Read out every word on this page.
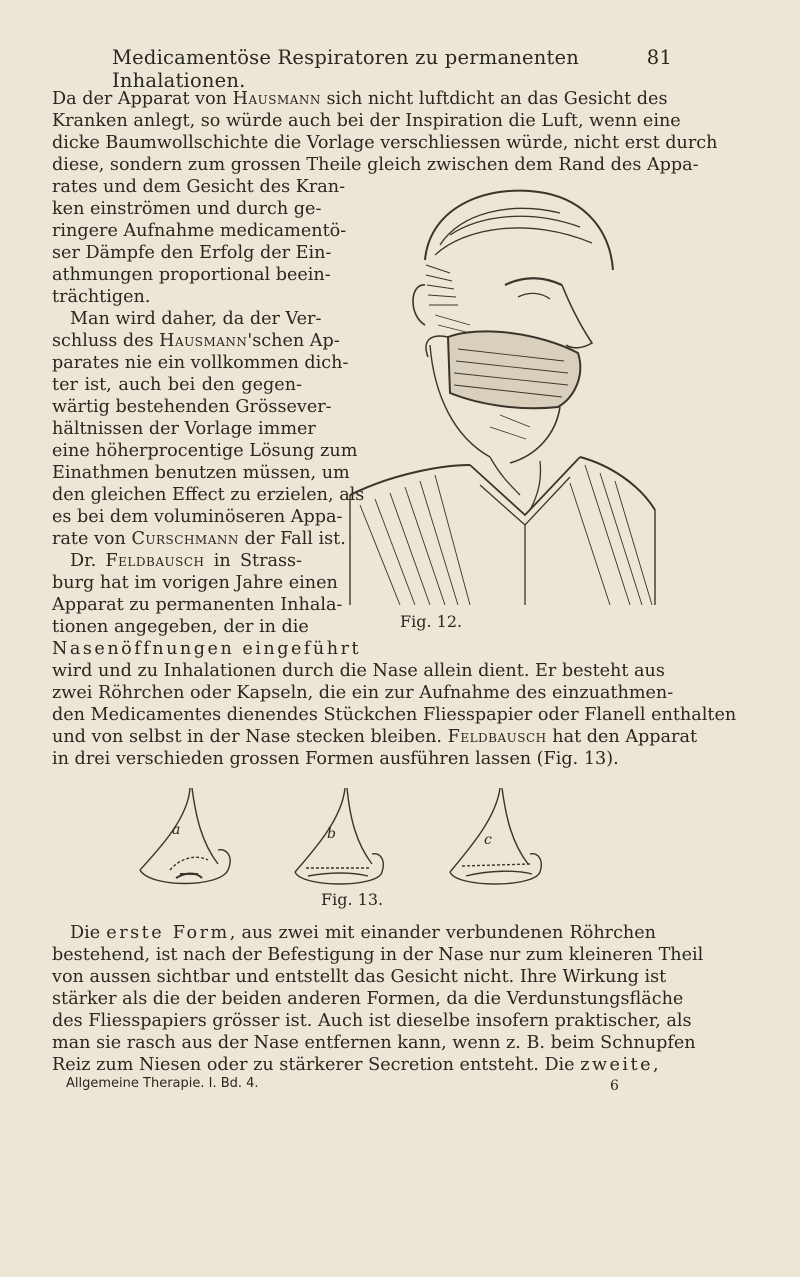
Medicamentöse Respiratoren zu permanenten Inhalationen.
81
Da der Apparat von Hausmann sich nicht luftdicht an das Gesicht des
Kranken anlegt, so würde auch bei der Inspiration die Luft, wenn eine
dicke Baumwollschichte die Vorlage verschliessen würde, nicht erst durch
diese, sondern zum grossen Theile gleich zwischen dem Rand des Appa-
rates und dem Gesicht des Kran-
ken einströmen und durch ge-
ringere Aufnahme medicamentö-
ser Dämpfe den Erfolg der Ein-
athmungen proportional beein-
trächtigen.
Man wird daher, da der Ver-
schluss des Hausmann'schen Ap-
parates nie ein vollkommen dich-
ter ist, auch bei den gegen-
wärtig bestehenden Grössever-
hältnissen der Vorlage immer
eine höherprocentige Lösung zum
Einathmen benutzen müssen, um
den gleichen Effect zu erzielen, als
es bei dem voluminöseren Appa-
rate von Curschmann der Fall ist.
Dr. Feldbausch in Strass-
burg hat im vorigen Jahre einen
Apparat zu permanenten Inhala-
tionen angegeben, der in die
Nasenöffnungen eingeführt
wird und zu Inhalationen durch die Nase allein dient. Er besteht aus
zwei Röhrchen oder Kapseln, die ein zur Aufnahme des einzuathmen-
den Medicamentes dienendes Stückchen Fliesspapier oder Flanell enthalten
und von selbst in der Nase stecken bleiben. Feldbausch hat den Apparat
in drei verschieden grossen Formen ausführen lassen (Fig. 13).
Fig. 12.
a	b	c
Fig. 13.
Die erste Form, aus zwei mit einander verbundenen Röhrchen
bestehend, ist nach der Befestigung in der Nase nur zum kleineren Theil
von aussen sichtbar und entstellt das Gesicht nicht. Ihre Wirkung ist
stärker als die der beiden anderen Formen, da die Verdunstungsfläche
des Fliesspapiers grösser ist. Auch ist dieselbe insofern praktischer, als
man sie rasch aus der Nase entfernen kann, wenn z. B. beim Schnupfen
Reiz zum Niesen oder zu stärkerer Secretion entsteht. Die zweite,
Allgemeine Therapie. I. Bd. 4.	6
